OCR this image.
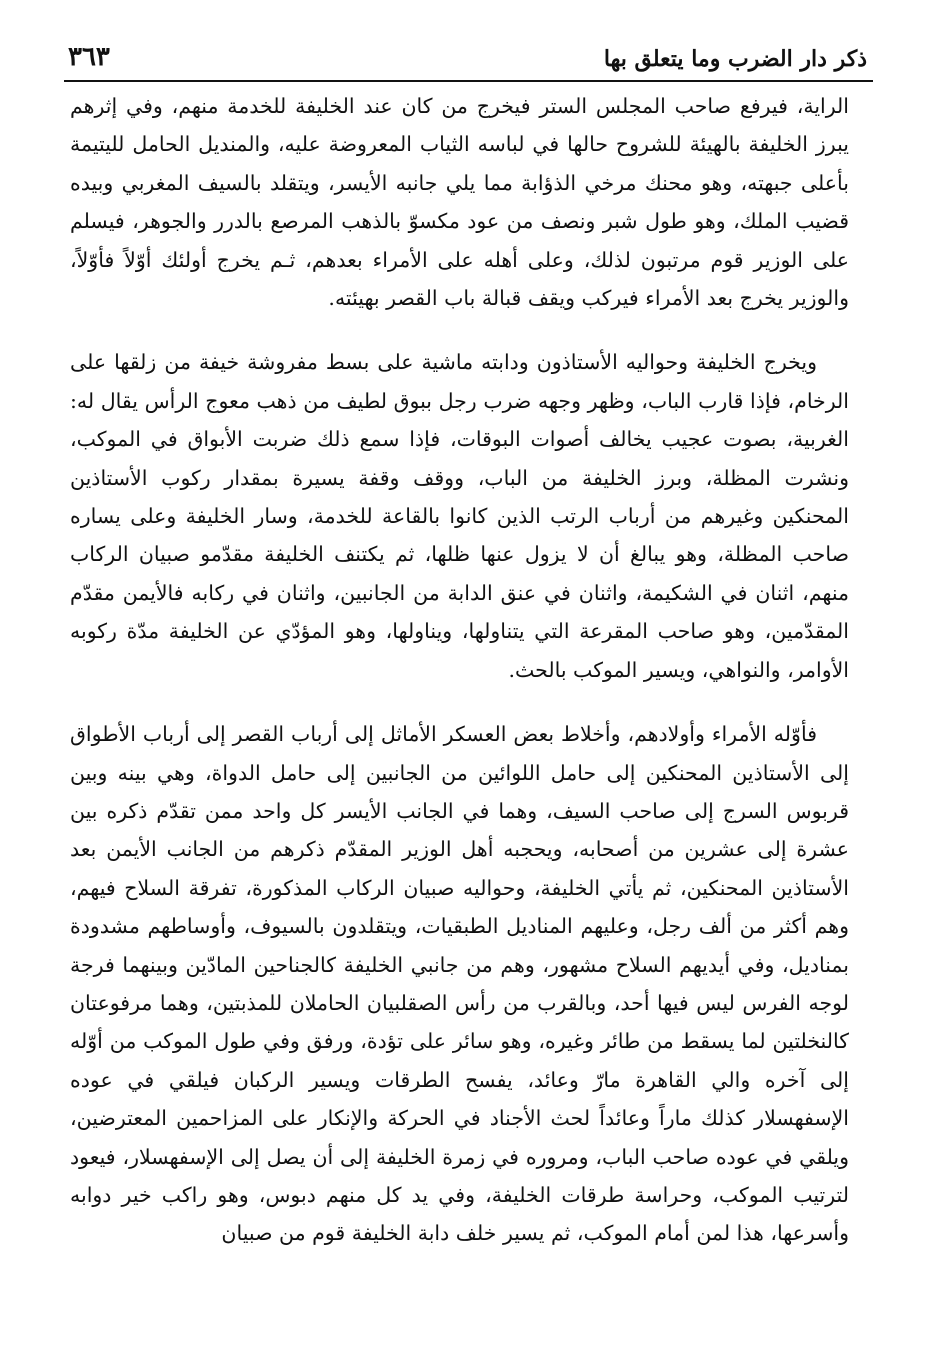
ذكر دار الضرب وما يتعلق بها
٣٦٣

الراية، فيرفع صاحب المجلس الستر فيخرج من كان عند الخليفة للخدمة منهم، وفي إثرهم يبرز الخليفة بالهيئة للشروح حالها في لباسه الثياب المعروضة عليه، والمنديل الحامل لليتيمة بأعلى جبهته، وهو محنك مرخي الذؤابة مما يلي جانبه الأيسر، ويتقلد بالسيف المغربي وبيده قضيب الملك، وهو طول شبر ونصف من عود مكسوّ بالذهب المرصع بالدرر والجوهر، فيسلم على الوزير قوم مرتبون لذلك، وعلى أهله على الأمراء بعدهم، ثـم يخرج أولئك أوّلاً فأوّلاً، والوزير يخرج بعد الأمراء فيركب ويقف قبالة باب القصر بهيئته.

ويخرج الخليفة وحواليه الأستاذون ودابته ماشية على بسط مفروشة خيفة من زلقها على الرخام، فإذا قارب الباب، وظهر وجهه ضرب رجل ببوق لطيف من ذهب معوج الرأس يقال له: الغربية، بصوت عجيب يخالف أصوات البوقات، فإذا سمع ذلك ضربت الأبواق في الموكب، ونشرت المظلة، وبرز الخليفة من الباب، ووقف وقفة يسيرة بمقدار ركوب الأستاذين المحنكين وغيرهم من أرباب الرتب الذين كانوا بالقاعة للخدمة، وسار الخليفة وعلى يساره صاحب المظلة، وهو يبالغ أن لا يزول عنها ظلها، ثم يكتنف الخليفة مقدّمو صبيان الركاب منهم، اثنان في الشكيمة، واثنان في عنق الدابة من الجانبين، واثنان في ركابه فالأيمن مقدّم المقدّمين، وهو صاحب المقرعة التي يتناولها، ويناولها، وهو المؤدّي عن الخليفة مدّة ركوبه الأوامر، والنواهي، ويسير الموكب بالحث.

فأوّله الأمراء وأولادهم، وأخلاط بعض العسكر الأماثل إلى أرباب القصر إلى أرباب الأطواق إلى الأستاذين المحنكين إلى حامل اللوائين من الجانبين إلى حامل الدواة، وهي بينه وبين قربوس السرج إلى صاحب السيف، وهما في الجانب الأيسر كل واحد ممن تقدّم ذكره بين عشرة إلى عشرين من أصحابه، ويحجبه أهل الوزير المقدّم ذكرهم من الجانب الأيمن بعد الأستاذين المحنكين، ثم يأتي الخليفة، وحواليه صبيان الركاب المذكورة، تفرقة السلاح فيهم، وهم أكثر من ألف رجل، وعليهم المناديل الطبقيات، ويتقلدون بالسيوف، وأوساطهم مشدودة بمناديل، وفي أيديهم السلاح مشهور، وهم من جانبي الخليفة كالجناحين المادّين وبينهما فرجة لوجه الفرس ليس فيها أحد، وبالقرب من رأس الصقلبيان الحاملان للمذبتين، وهما مرفوعتان كالنخلتين لما يسقط من طائر وغيره، وهو سائر على تؤدة، ورفق وفي طول الموكب من أوّله إلى آخره والي القاهرة مارّ وعائد، يفسح الطرقات ويسير الركبان فيلقي في عوده الإسفهسلار كذلك ماراً وعائداً لحث الأجناد في الحركة والإنكار على المزاحمين المعترضين، ويلقي في عوده صاحب الباب، ومروره في زمرة الخليفة إلى أن يصل إلى الإسفهسلار، فيعود لترتيب الموكب، وحراسة طرقات الخليفة، وفي يد كل منهم دبوس، وهو راكب خير دوابه وأسرعها، هذا لمن أمام الموكب، ثم يسير خلف دابة الخليفة قوم من صبيان
